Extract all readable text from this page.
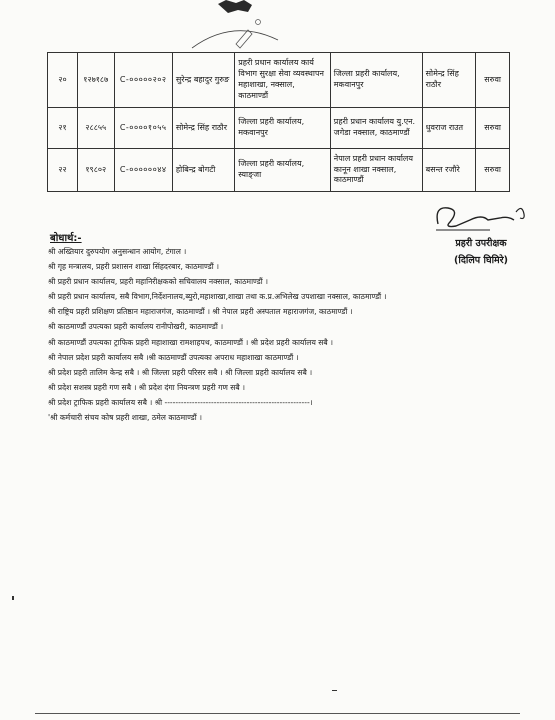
२०	१२७१८७	C-०००००२०२	सुरेन्द्र बहादुर गुरुङ	प्रहरी प्रधान कार्यालय कार्य विभाग सुरक्षा सेवा व्यवस्थापन महाशाखा, नक्साल, काठमाण्डौं	जिल्ला प्रहरी कार्यालय, मकवानपुर	सोमेन्द्र सिंह राठौर	सरुवा
२१	२८८५५	C-००००१०५५	सोमेन्द्र सिंह राठौर	जिल्ला प्रहरी कार्यालय, मकवानपुर	प्रहरी प्रधान कार्यालय यु.एन. जगेडा नक्साल, काठमाण्डौं	धुवराज राउत	सरुवा
२२	१९८०२	C-००००००४४	होबिन्द्र बोगटी	जिल्ला प्रहरी कार्यालय, स्याङ्जा	नेपाल प्रहरी प्रधान कार्यालय कानून शाखा नक्साल, काठमाण्डौं	बसन्त रजौरे	सरुवा
प्रहरी उपरीक्षक
(दिलिप घिमिरे)
बोधार्थ:-
श्री अख्तियार दुरुपयोग अनुसन्धान आयोग, टंगाल ।
श्री गृह मन्त्रालय, प्रहरी प्रशासन शाखा सिंहदरबार, काठमाण्डौं ।
श्री प्रहरी प्रधान कार्यालय, प्रहरी महानिरीक्षकको सचिवालय नक्साल, काठमाण्डौं ।
श्री प्रहरी प्रधान कार्यालय, सबै विभाग,निर्देशनालय,ब्युरो,महाशाखा,शाखा तथा क.प्र.अभिलेख उपशाखा नक्साल, काठमाण्डौं ।
श्री राष्ट्रिय प्रहरी प्रशिक्षण प्रतिष्ठान महाराजगंज, काठमाण्डौं । श्री नेपाल प्रहरी अस्पताल महाराजगंज, काठमाण्डौं ।
श्री काठमाण्डौं उपत्यका प्रहरी कार्यालय रानीपोखरी, काठमाण्डौं ।
श्री काठमाण्डौं उपत्यका ट्राफिक प्रहरी महाशाखा रामशाहपथ, काठमाण्डौं । श्री प्रदेश प्रहरी कार्यालय सबै ।
श्री नेपाल प्रदेश प्रहरी कार्यालय सबै ।श्री काठमाण्डौं उपत्यका अपराध महाशाखा काठमाण्डौं ।
श्री प्रदेश प्रहरी तालिम केन्द्र सबै । श्री जिल्ला प्रहरी परिसर सबै । श्री जिल्ला प्रहरी कार्यालय सबै ।
श्री प्रदेश सशस्त्र प्रहरी गण सबै । श्री प्रदेश दंगा नियन्त्रण प्रहरी गण सबै ।
श्री प्रदेश ट्राफिक प्रहरी कार्यालय सबै । श्री -----------------------------------------------------।
'श्री कर्मचारी संचय कोष प्रहरी शाखा, ठमेल काठमाण्डौं ।
